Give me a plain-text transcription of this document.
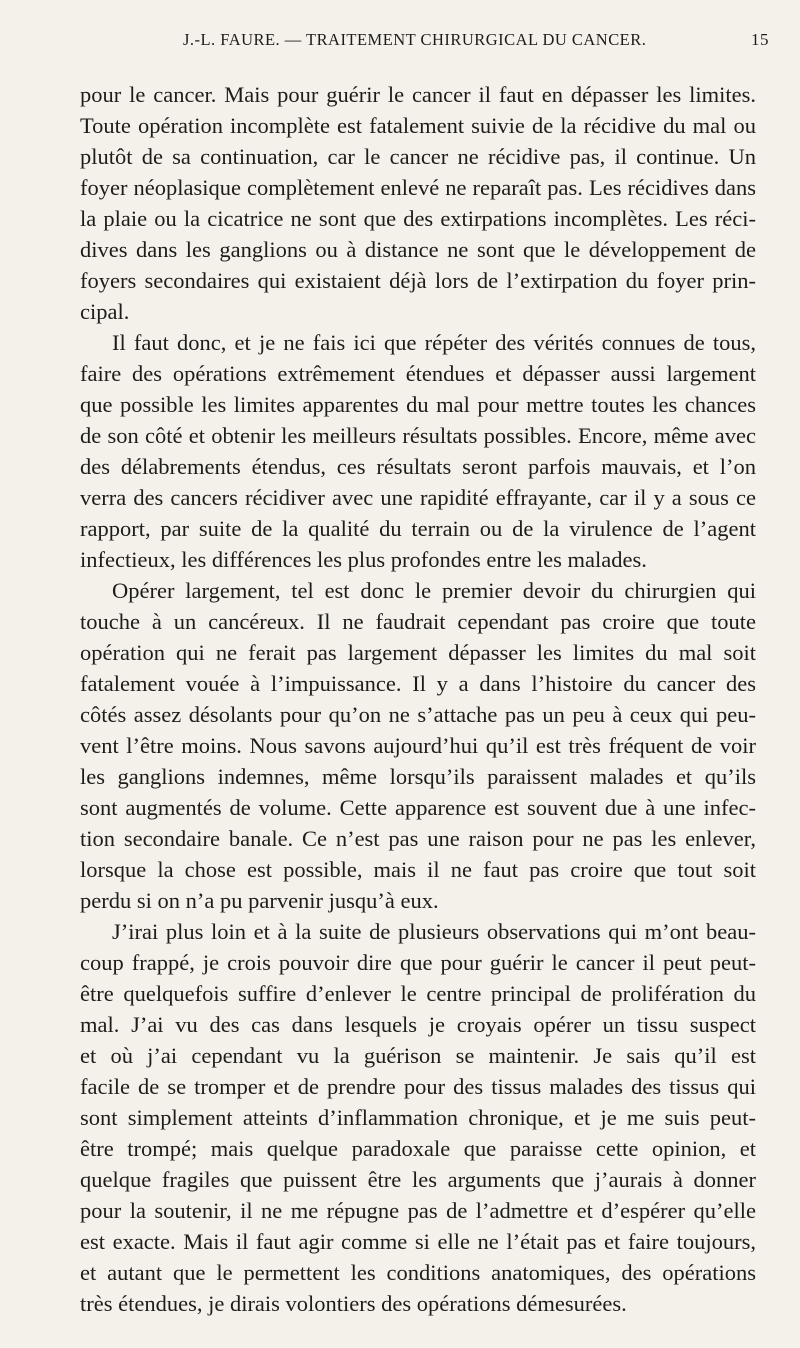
J.-L. FAURE. — TRAITEMENT CHIRURGICAL DU CANCER.	15
pour le cancer. Mais pour guérir le cancer il faut en dépasser les limites.
Toute opération incomplète est fatalement suivie de la récidive du mal ou
plutôt de sa continuation, car le cancer ne récidive pas, il continue. Un
foyer néoplasique complètement enlevé ne reparaît pas. Les récidives dans
la plaie ou la cicatrice ne sont que des extirpations incomplètes. Les réci-
dives dans les ganglions ou à distance ne sont que le développement de
foyers secondaires qui existaient déjà lors de l’extirpation du foyer prin-
cipal.
Il faut donc, et je ne fais ici que répéter des vérités connues de tous,
faire des opérations extrêmement étendues et dépasser aussi largement
que possible les limites apparentes du mal pour mettre toutes les chances
de son côté et obtenir les meilleurs résultats possibles. Encore, même avec
des délabrements étendus, ces résultats seront parfois mauvais, et l’on
verra des cancers récidiver avec une rapidité effrayante, car il y a sous ce
rapport, par suite de la qualité du terrain ou de la virulence de l’agent
infectieux, les différences les plus profondes entre les malades.
Opérer largement, tel est donc le premier devoir du chirurgien qui
touche à un cancéreux. Il ne faudrait cependant pas croire que toute
opération qui ne ferait pas largement dépasser les limites du mal soit
fatalement vouée à l’impuissance. Il y a dans l’histoire du cancer des
côtés assez désolants pour qu’on ne s’attache pas un peu à ceux qui peu-
vent l’être moins. Nous savons aujourd’hui qu’il est très fréquent de voir
les ganglions indemnes, même lorsqu’ils paraissent malades et qu’ils
sont augmentés de volume. Cette apparence est souvent due à une infec-
tion secondaire banale. Ce n’est pas une raison pour ne pas les enlever,
lorsque la chose est possible, mais il ne faut pas croire que tout soit
perdu si on n’a pu parvenir jusqu’à eux.
J’irai plus loin et à la suite de plusieurs observations qui m’ont beau-
coup frappé, je crois pouvoir dire que pour guérir le cancer il peut peut-
être quelquefois suffire d’enlever le centre principal de prolifération du
mal. J’ai vu des cas dans lesquels je croyais opérer un tissu suspect
et où j’ai cependant vu la guérison se maintenir. Je sais qu’il est
facile de se tromper et de prendre pour des tissus malades des tissus qui
sont simplement atteints d’inflammation chronique, et je me suis peut-
être trompé; mais quelque paradoxale que paraisse cette opinion, et
quelque fragiles que puissent être les arguments que j’aurais à donner
pour la soutenir, il ne me répugne pas de l’admettre et d’espérer qu’elle
est exacte. Mais il faut agir comme si elle ne l’était pas et faire toujours,
et autant que le permettent les conditions anatomiques, des opérations
très étendues, je dirais volontiers des opérations démesurées.
